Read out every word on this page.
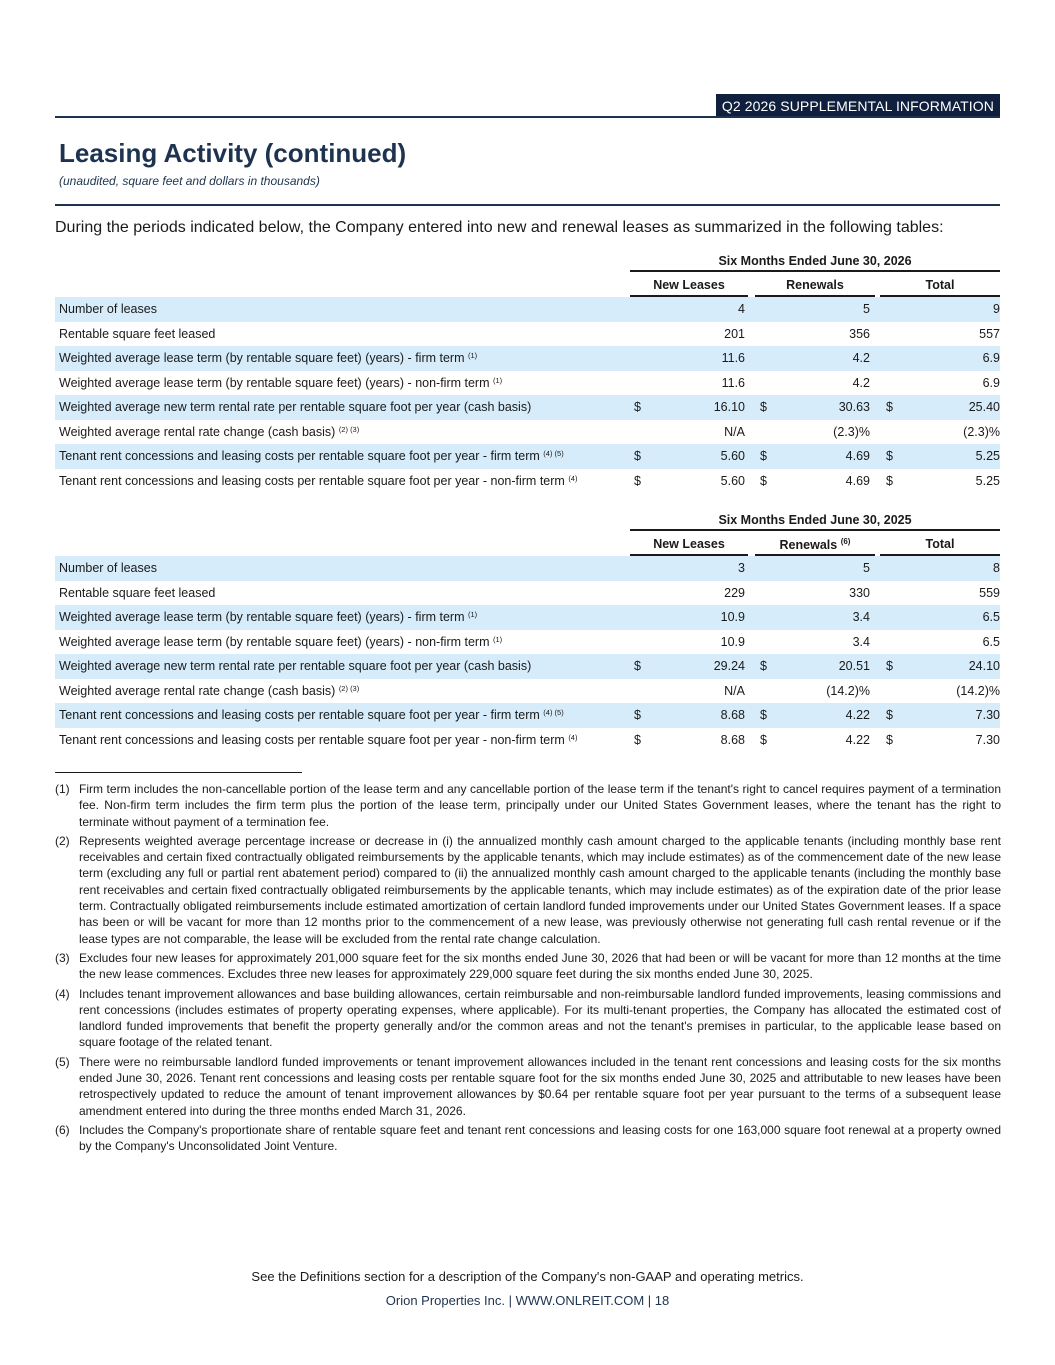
Q2 2026 SUPPLEMENTAL INFORMATION
Leasing Activity (continued)
(unaudited, square feet and dollars in thousands)

During the periods indicated below, the Company entered into new and renewal leases as summarized in the following tables:

Six Months Ended June 30, 2026
New Leases	Renewals	Total
Number of leases	4	5	9
Rentable square feet leased	201	356	557
Weighted average lease term (by rentable square feet) (years) - firm term $^{(1)}$	11.6	4.2	6.9
Weighted average lease term (by rentable square feet) (years) - non-firm term $^{(1)}$	11.6	4.2	6.9
Weighted average new term rental rate per rentable square foot per year (cash basis)	$	16.10 $	30.63 $	25.40
Weighted average rental rate change (cash basis) $^{(2) (3)}$	N/A	(2.3)%	(2.3)%
Tenant rent concessions and leasing costs per rentable square foot per year - firm term $^{(4) (5)}$	$	5.60 $	4.69 $	5.25
Tenant rent concessions and leasing costs per rentable square foot per year - non-firm term $^{(4)}$	$	5.60 $	4.69 $	5.25
Six Months Ended June 30, 2025
New Leases	Renewals $^{(6)}$	Total
Number of leases	3	5	8
Rentable square feet leased	229	330	559
Weighted average lease term (by rentable square feet) (years) - firm term $^{(1)}$	10.9	3.4	6.5
Weighted average lease term (by rentable square feet) (years) - non-firm term $^{(1)}$	10.9	3.4	6.5
Weighted average new term rental rate per rentable square foot per year (cash basis)	$	29.24 $	20.51 $	24.10
Weighted average rental rate change (cash basis) $^{(2) (3)}$	N/A	(14.2)%	(14.2)%
Tenant rent concessions and leasing costs per rentable square foot per year - firm term $^{(4) (5)}$	$	8.68 $	4.22 $	7.30
Tenant rent concessions and leasing costs per rentable square foot per year - non-firm term $^{(4)}$	$	8.68 $	4.22 $	7.30
(1) Firm term includes the non-cancellable portion of the lease term and any cancellable portion of the lease term if the tenant's right to cancel requires payment of a termination fee. Non-firm term includes the firm term plus the portion of the lease term, principally under our United States Government leases, where the tenant has the right to terminate without payment of a termination fee.
(2) Represents weighted average percentage increase or decrease in (i) the annualized monthly cash amount charged to the applicable tenants (including monthly base rent receivables and certain fixed contractually obligated reimbursements by the applicable tenants, which may include estimates) as of the commencement date of the new lease term (excluding any full or partial rent abatement period) compared to (ii) the annualized monthly cash amount charged to the applicable tenants (including the monthly base rent receivables and certain fixed contractually obligated reimbursements by the applicable tenants, which may include estimates) as of the expiration date of the prior lease term. Contractually obligated reimbursements include estimated amortization of certain landlord funded improvements under our United States Government leases. If a space has been or will be vacant for more than 12 months prior to the commencement of a new lease, was previously otherwise not generating full cash rental revenue or if the lease types are not comparable, the lease will be excluded from the rental rate change calculation.
(3) Excludes four new leases for approximately 201,000 square feet for the six months ended June 30, 2026 that had been or will be vacant for more than 12 months at the time the new lease commences. Excludes three new leases for approximately 229,000 square feet during the six months ended June 30, 2025.
(4) Includes tenant improvement allowances and base building allowances, certain reimbursable and non-reimbursable landlord funded improvements, leasing commissions and rent concessions (includes estimates of property operating expenses, where applicable). For its multi-tenant properties, the Company has allocated the estimated cost of landlord funded improvements that benefit the property generally and/or the common areas and not the tenant's premises in particular, to the applicable lease based on square footage of the related tenant.
(5) There were no reimbursable landlord funded improvements or tenant improvement allowances included in the tenant rent concessions and leasing costs for the six months ended June 30, 2026. Tenant rent concessions and leasing costs per rentable square foot for the six months ended June 30, 2025 and attributable to new leases have been retrospectively updated to reduce the amount of tenant improvement allowances by $0.64 per rentable square foot per year pursuant to the terms of a subsequent lease amendment entered into during the three months ended March 31, 2026.
(6) Includes the Company's proportionate share of rentable square feet and tenant rent concessions and leasing costs for one 163,000 square foot renewal at a property owned by the Company's Unconsolidated Joint Venture.
See the Definitions section for a description of the Company's non-GAAP and operating metrics.
Orion Properties Inc. | WWW.ONLREIT.COM | 18
